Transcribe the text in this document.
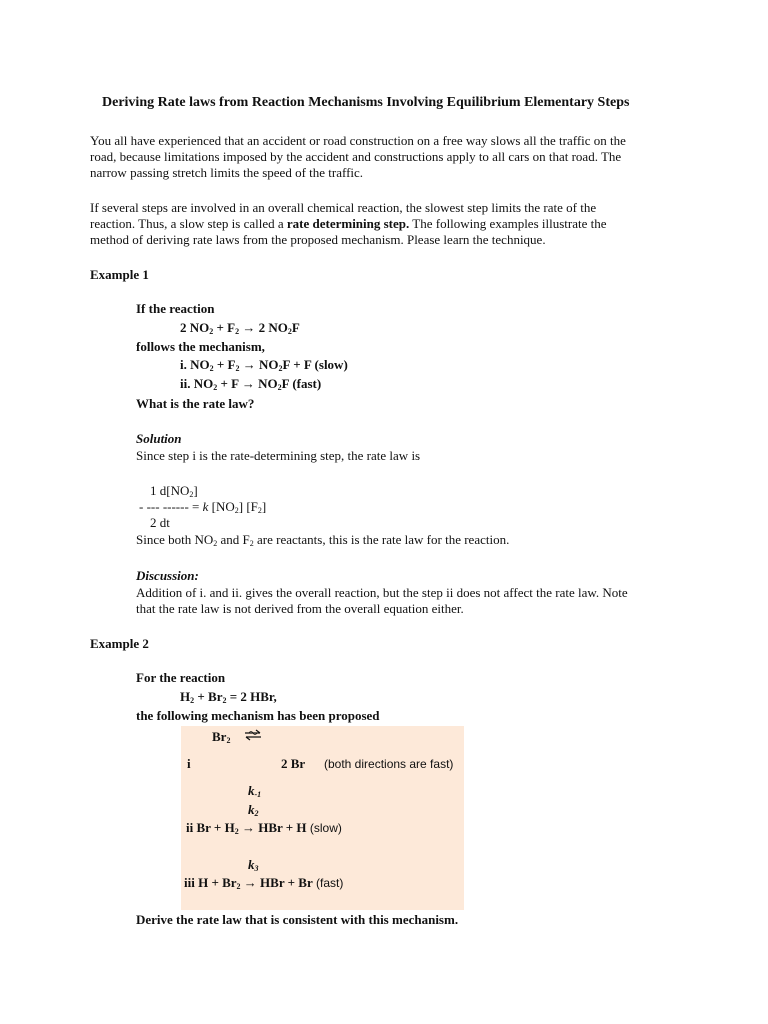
Deriving Rate laws from Reaction Mechanisms Involving Equilibrium Elementary Steps
You all have experienced that an accident or road construction on a free way slows all the traffic on the
road, because limitations imposed by the accident and constructions apply to all cars on that road. The
narrow passing stretch limits the speed of the traffic.
If several steps are involved in an overall chemical reaction, the slowest step limits the rate of the
reaction. Thus, a slow step is called a rate determining step. The following examples illustrate the
method of deriving rate laws from the proposed mechanism. Please learn the technique.
Example 1
If the reaction
2 $NO_2 + F_2 \to 2$ $NO_2F$
follows the mechanism,
i. $NO_2 + F_2 \to NO_2F + F$ (slow)
ii. $NO_2 + F \to NO_2F$ (fast)
What is the rate law?
Solution
Since step i is the rate-determining step, the rate law is
1 $d[NO_2]$
- --- ------ = k $[NO_2]$ $[F_2]$
2 dt
Since both $NO_2$ and $F_2$ are reactants, this is the rate law for the reaction.
Discussion:
Addition of i. and ii. gives the overall reaction, but the step ii does not affect the rate law. Note
that the rate law is not derived from the overall equation either.
Example 2
For the reaction
$H_2 + Br_2 = 2$ HBr,
the following mechanism has been proposed
$Br_2$ ⇌
i	2 Br (both directions are fast)
$k_{-1}$
$k_2$
ii $Br + H_2$ → HBr + H (slow)
$k_3$
iii $H + Br_2$ → HBr + Br (fast)
Derive the rate law that is consistent with this mechanism.
